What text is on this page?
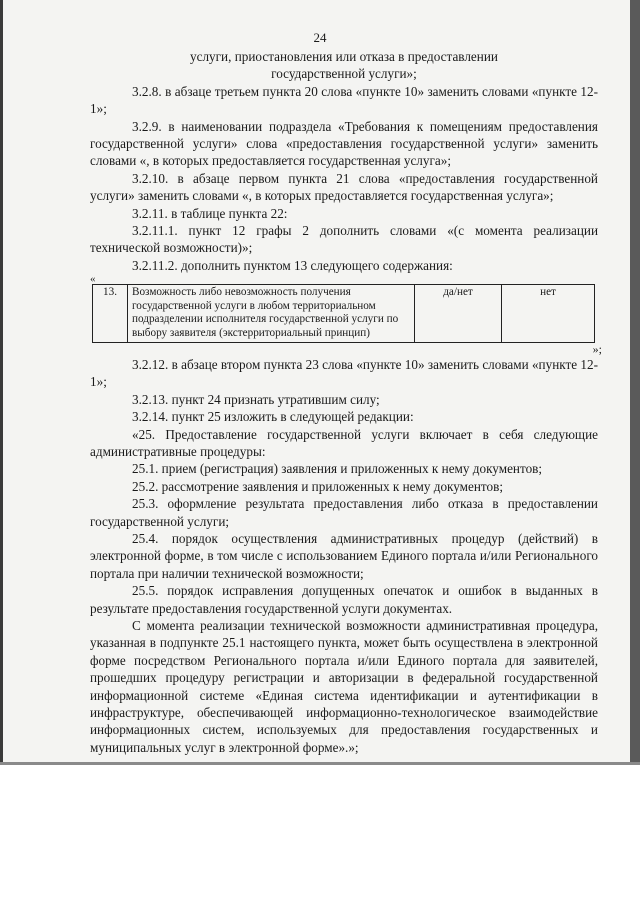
24

услуги, приостановления или отказа в предоставлении

государственной услуги»;

3.2.8. в абзаце третьем пункта 20 слова «пункте 10» заменить словами «пункте 12-1»;

3.2.9. в наименовании подраздела «Требования к помещениям предоставления государственной услуги» слова «предоставления государственной услуги» заменить словами «, в которых предоставляется государственная услуга»;

3.2.10. в абзаце первом пункта 21 слова «предоставления государственной услуги» заменить словами «, в которых предоставляется государственная услуга»;

3.2.11. в таблице пункта 22:

3.2.11.1. пункт 12 графы 2 дополнить словами «(с момента реализации технической возможности)»;

3.2.11.2. дополнить пунктом 13 следующего содержания:

«

13.	Возможность либо невозможность получения государственной услуги в любом территориальном подразделении исполнителя государственной услуги по выбору заявителя (экстерриториальный принцип)	да/нет	нет

»;

3.2.12. в абзаце втором пункта 23 слова «пункте 10» заменить словами «пункте 12-1»;

3.2.13. пункт 24 признать утратившим силу;

3.2.14. пункт 25 изложить в следующей редакции:

«25. Предоставление государственной услуги включает в себя следующие административные процедуры:

25.1. прием (регистрация) заявления и приложенных к нему документов;

25.2. рассмотрение заявления и приложенных к нему документов;

25.3. оформление результата предоставления либо отказа в предоставлении государственной услуги;

25.4. порядок осуществления административных процедур (действий) в электронной форме, в том числе с использованием Единого портала и/или Регионального портала при наличии технической возможности;

25.5. порядок исправления допущенных опечаток и ошибок в выданных в результате предоставления государственной услуги документах.

С момента реализации технической возможности административная процедура, указанная в подпункте 25.1 настоящего пункта, может быть осуществлена в электронной форме посредством Регионального портала и/или Единого портала для заявителей, прошедших процедуру регистрации и авторизации в федеральной государственной информационной системе «Единая система идентификации и аутентификации в инфраструктуре, обеспечивающей информационно-технологическое взаимодействие информационных систем, используемых для предоставления государственных и муниципальных услуг в электронной форме».»;
